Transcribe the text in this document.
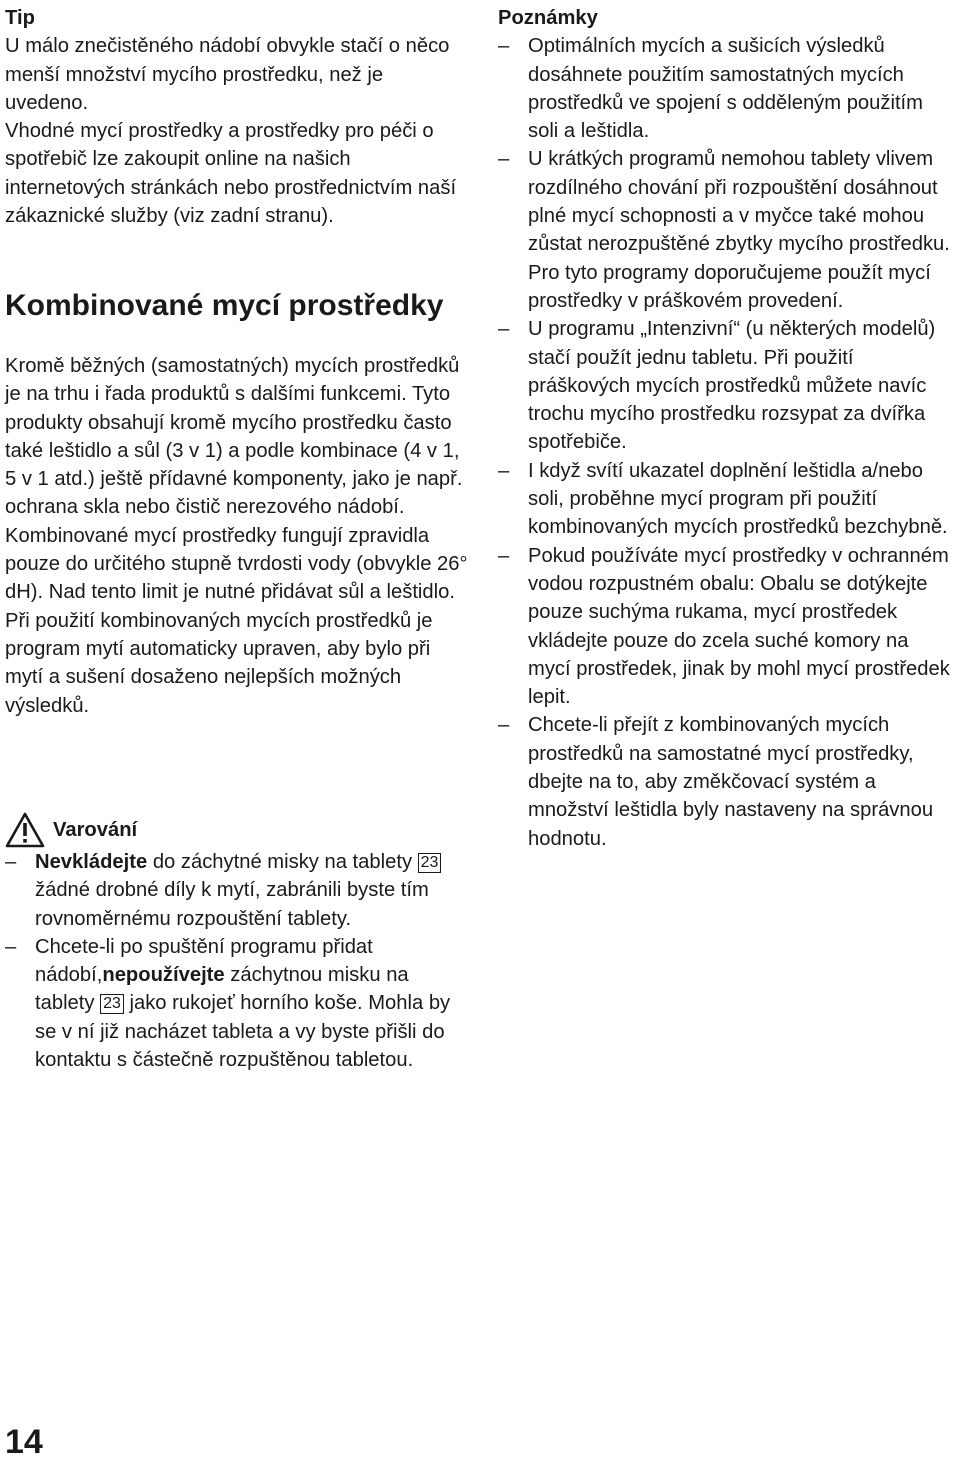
Tip
U málo znečistěného nádobí obvykle stačí o něco menší množství mycího prostředku, než je uvedeno.
Vhodné mycí prostředky a prostředky pro péči o spotřebič lze zakoupit online na našich internetových stránkách nebo prostřednictvím naší zákaznické služby (viz zadní stranu).
Kombinované mycí prostředky
Kromě běžných (samostatných) mycích prostředků je na trhu i řada produktů s dalšími funkcemi. Tyto produkty obsahují kromě mycího prostředku často také leštidlo a sůl (3 v 1) a podle kombinace (4 v 1, 5 v 1 atd.) ještě přídavné komponenty, jako je např. ochrana skla nebo čistič nerezového nádobí. Kombinované mycí prostředky fungují zpravidla pouze do určitého stupně tvrdosti vody (obvykle 26° dH). Nad tento limit je nutné přidávat sůl a leštidlo.
Při použití kombinovaných mycích prostředků je program mytí automaticky upraven, aby bylo při mytí a sušení dosaženo nejlepších možných výsledků.
Varování
– Nevkládejte do záchytné misky na tablety 23 žádné drobné díly k mytí, zabránili byste tím rovnoměrnému rozpouštění tablety.
– Chcete-li po spuštění programu přidat nádobí,nepoužívejte záchytnou misku na tablety 23 jako rukojeť horního koše. Mohla by se v ní již nacházet tableta a vy byste přišli do kontaktu s částečně rozpuštěnou tabletou.
Poznámky
– Optimálních mycích a sušicích výsledků dosáhnete použitím samostatných mycích prostředků ve spojení s odděleným použitím soli a leštidla.
– U krátkých programů nemohou tablety vlivem rozdílného chování při rozpouštění dosáhnout plné mycí schopnosti a v myčce také mohou zůstat nerozpuštěné zbytky mycího prostředku. Pro tyto programy doporučujeme použít mycí prostředky v práškovém provedení.
– U programu „Intenzivní“ (u některých modelů) stačí použít jednu tabletu. Při použití práškových mycích prostředků můžete navíc trochu mycího prostředku rozsypat za dvířka spotřebiče.
– I když svítí ukazatel doplnění leštidla a/nebo soli, proběhne mycí program při použití kombinovaných mycích prostředků bezchybně.
– Pokud používáte mycí prostředky v ochranném vodou rozpustném obalu: Obalu se dotýkejte pouze suchýma rukama, mycí prostředek vkládejte pouze do zcela suché komory na mycí prostředek, jinak by mohl mycí prostředek lepit.
– Chcete-li přejít z kombinovaných mycích prostředků na samostatné mycí prostředky, dbejte na to, aby změkčovací systém a množství leštidla byly nastaveny na správnou hodnotu.
14
